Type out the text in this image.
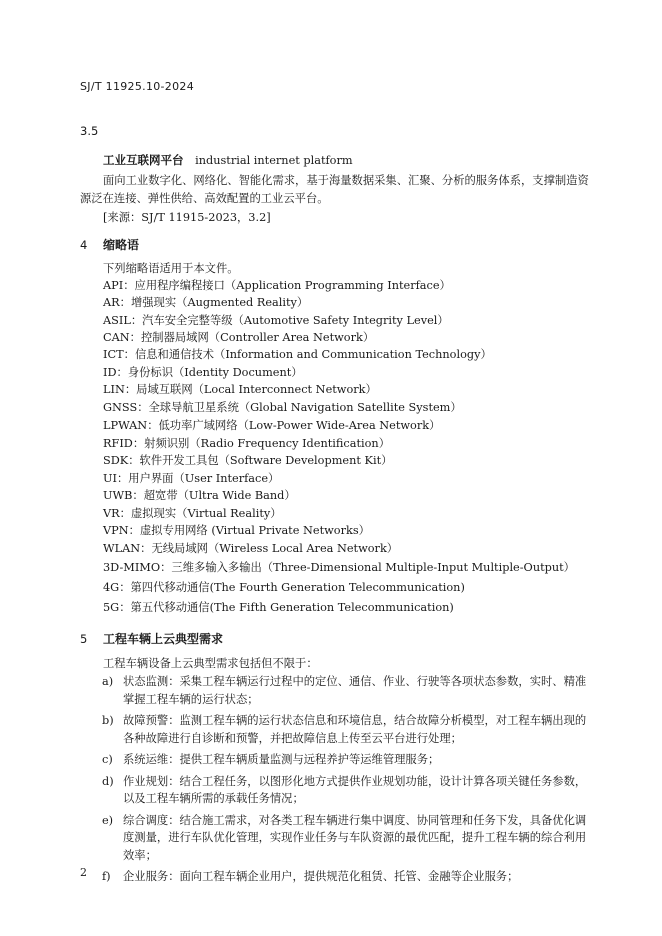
SJ/T 11925.10-2024
3.5
工业互联网平台 industrial internet platform
面向工业数字化、网络化、智能化需求，基于海量数据采集、汇聚、分析的服务体系，支撑制造资源泛在连接、弹性供给、高效配置的工业云平台。
[来源：SJ/T 11915-2023，3.2]
4 缩略语
下列缩略语适用于本文件。
API：应用程序编程接口（Application Programming Interface）
AR：增强现实（Augmented Reality）
ASIL：汽车安全完整等级（Automotive Safety Integrity Level）
CAN：控制器局域网（Controller Area Network）
ICT：信息和通信技术（Information and Communication Technology）
ID：身份标识（Identity Document）
LIN：局域互联网（Local Interconnect Network）
GNSS：全球导航卫星系统（Global Navigation Satellite System）
LPWAN：低功率广域网络（Low-Power Wide-Area Network）
RFID：射频识别（Radio Frequency Identification）
SDK：软件开发工具包（Software Development Kit）
UI：用户界面（User Interface）
UWB：超宽带（Ultra Wide Band）
VR：虚拟现实（Virtual Reality）
VPN：虚拟专用网络 (Virtual Private Networks）
WLAN：无线局域网（Wireless Local Area Network）
3D-MIMO：三维多输入多输出（Three-Dimensional Multiple-Input Multiple-Output）
4G：第四代移动通信(The Fourth Generation Telecommunication)
5G：第五代移动通信(The Fifth Generation Telecommunication)
5 工程车辆上云典型需求
工程车辆设备上云典型需求包括但不限于：
a) 状态监测：采集工程车辆运行过程中的定位、通信、作业、行驶等各项状态参数，实时、精准掌握工程车辆的运行状态；
b) 故障预警：监测工程车辆的运行状态信息和环境信息，结合故障分析模型，对工程车辆出现的各种故障进行自诊断和预警，并把故障信息上传至云平台进行处理；
c) 系统运维：提供工程车辆质量监测与远程养护等运维管理服务；
d) 作业规划：结合工程任务，以图形化地方式提供作业规划功能，设计计算各项关键任务参数，以及工程车辆所需的承载任务情况；
e) 综合调度：结合施工需求，对各类工程车辆进行集中调度、协同管理和任务下发，具备优化调度测量，进行车队优化管理，实现作业任务与车队资源的最优匹配，提升工程车辆的综合利用效率；
f) 企业服务：面向工程车辆企业用户，提供规范化租赁、托管、金融等企业服务；
2
